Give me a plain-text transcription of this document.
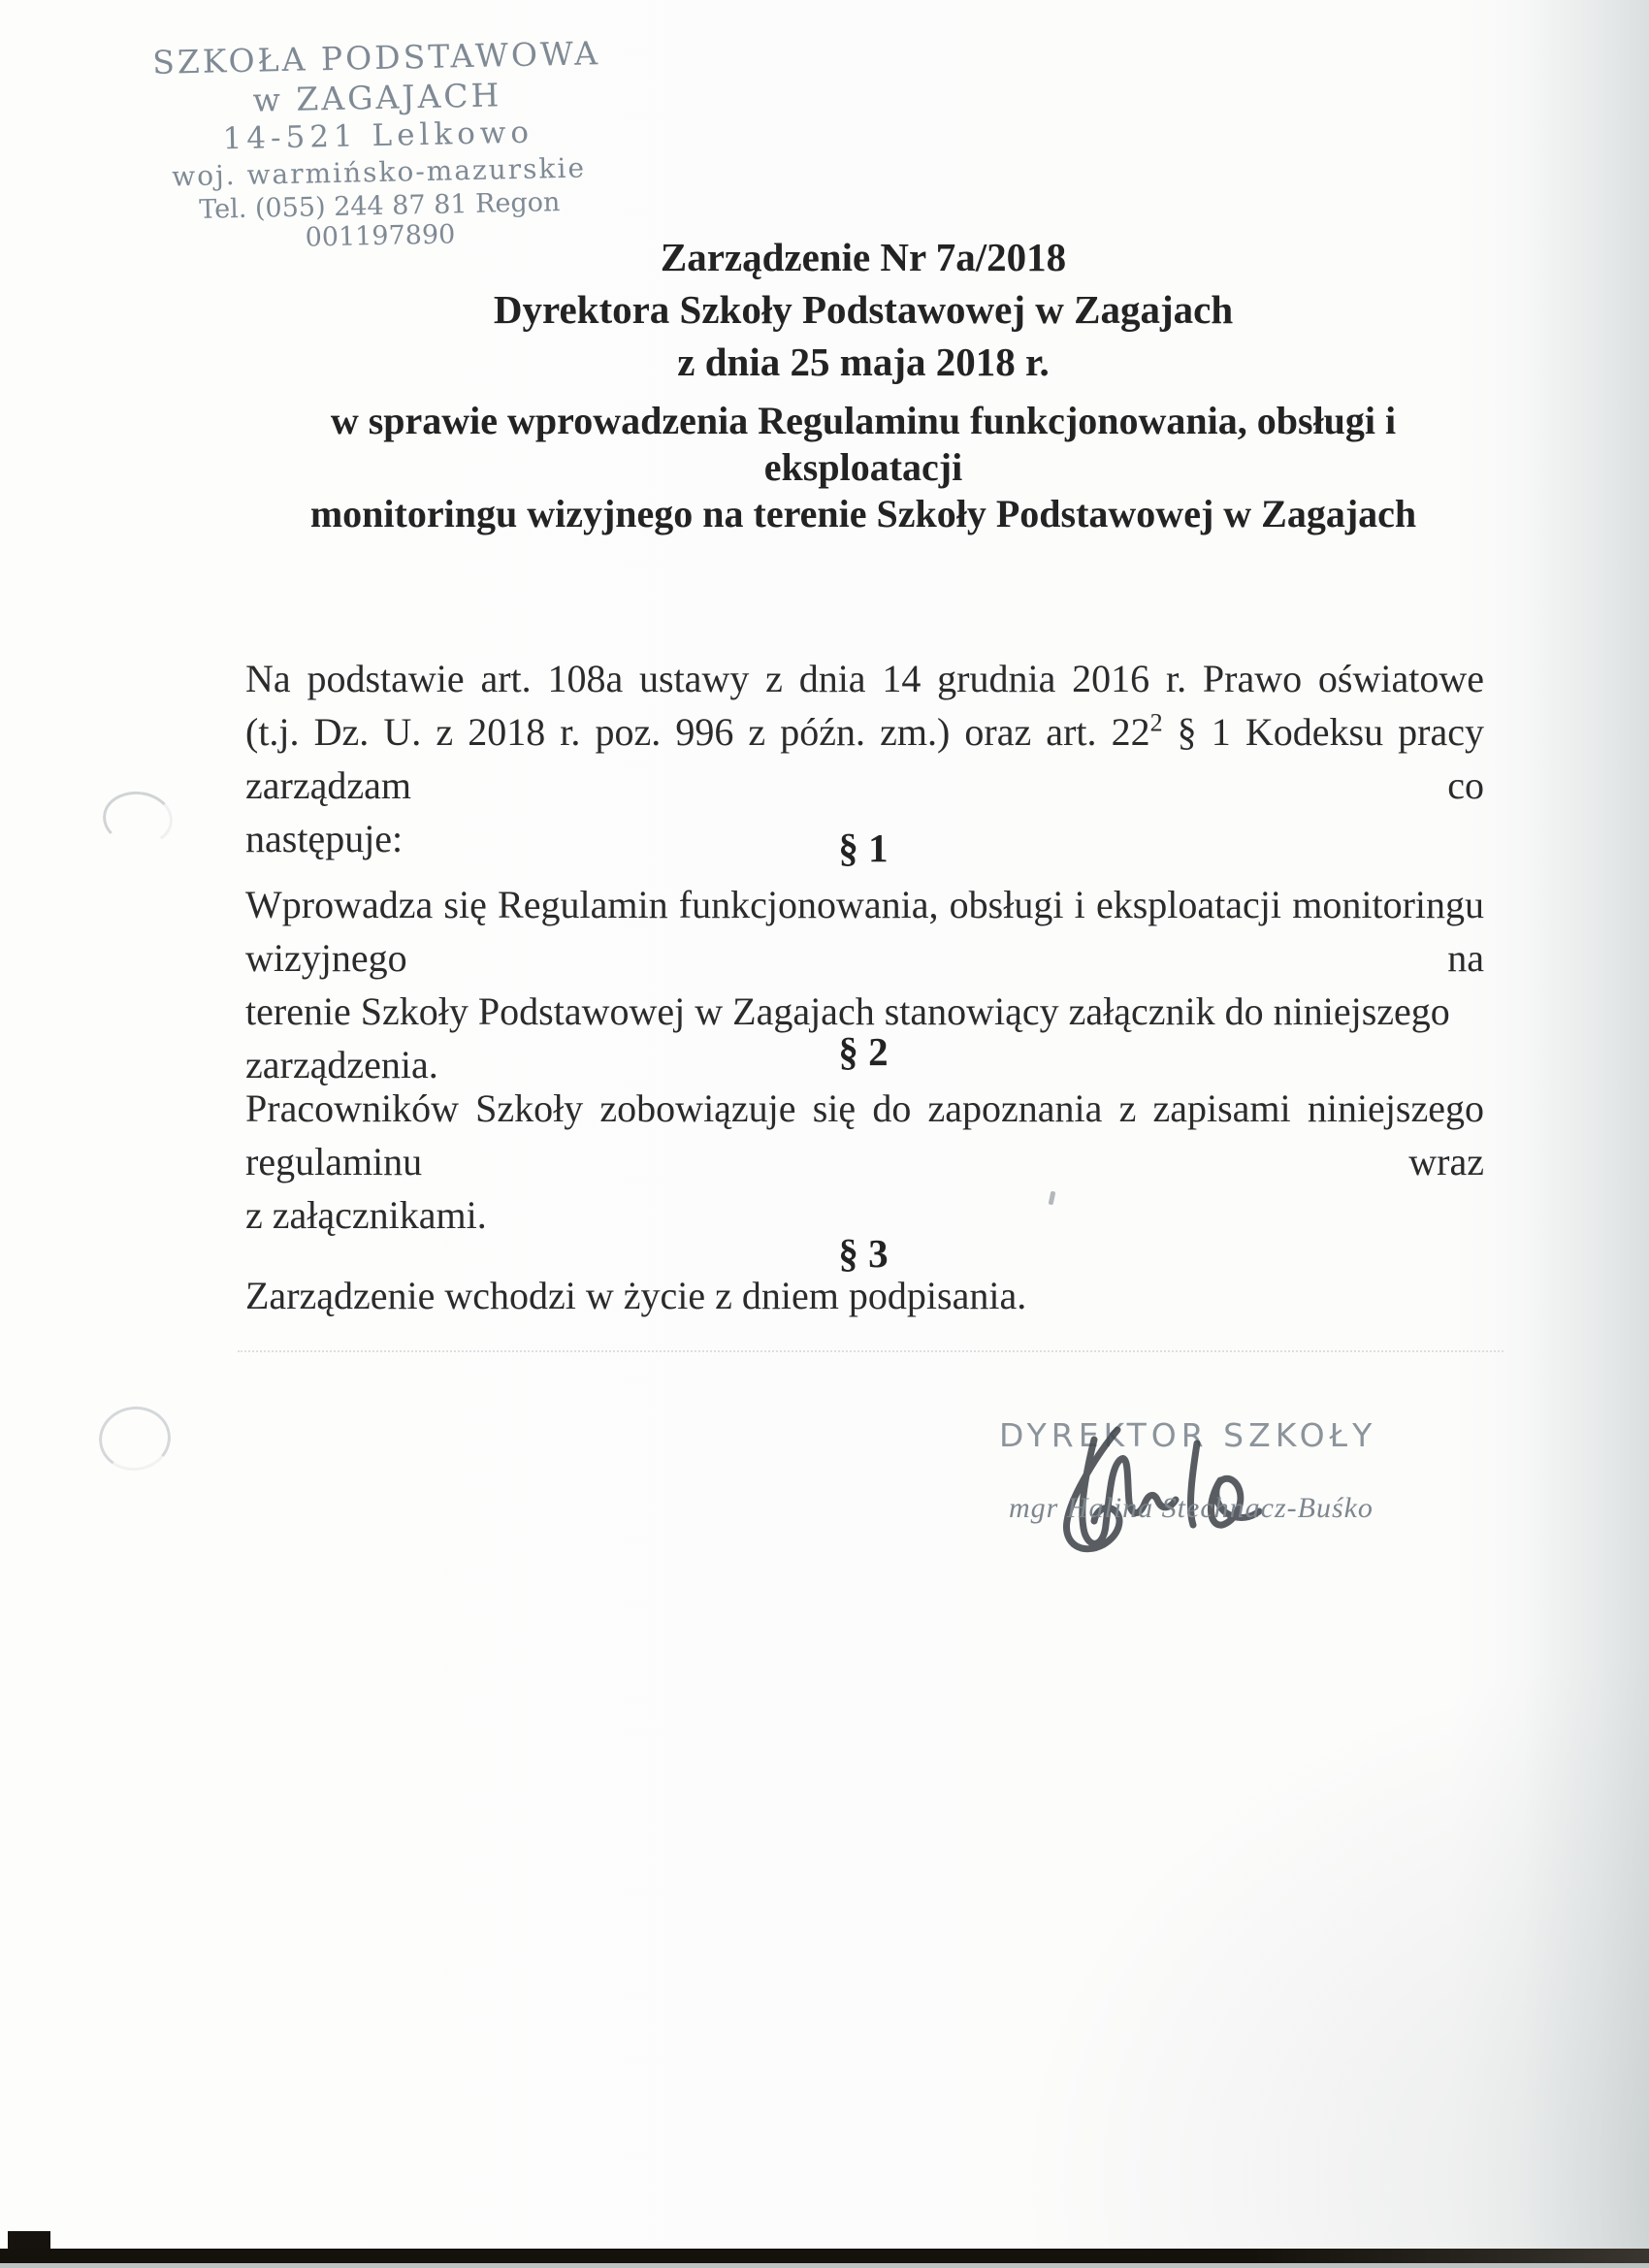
SZKOŁA PODSTAWOWA
w ZAGAJACH
14-521 Lelkowo
woj. warmińsko-mazurskie
Tel. (055) 244 87 81 Regon 001197890	Zarządzenie Nr 7a/2018
Dyrektora Szkoły Podstawowej w Zagajach
z dnia 25 maja 2018 r.
w sprawie wprowadzenia Regulaminu funkcjonowania, obsługi i eksploatacji
monitoringu wizyjnego na terenie Szkoły Podstawowej w Zagajach
Na podstawie art. 108a ustawy z dnia 14 grudnia 2016 r. Prawo oświatowe
(t.j. Dz. U. z 2018 r. poz. 996 z późn. zm.) oraz art. $22^2$ § 1 Kodeksu pracy zarządzam co
następuje:	§ 1
Wprowadza się Regulamin funkcjonowania, obsługi i eksploatacji monitoringu wizyjnego na
terenie Szkoły Podstawowej w Zagajach stanowiący załącznik do niniejszego zarządzenia.	§ 2
Pracowników Szkoły zobowiązuje się do zapoznania z zapisami niniejszego regulaminu wraz
z załącznikami.
§ 3
Zarządzenie wchodzi w życie z dniem podpisania.
DYREKTOR SZKOŁY
mgr Halina Stechnacz-Buśko
